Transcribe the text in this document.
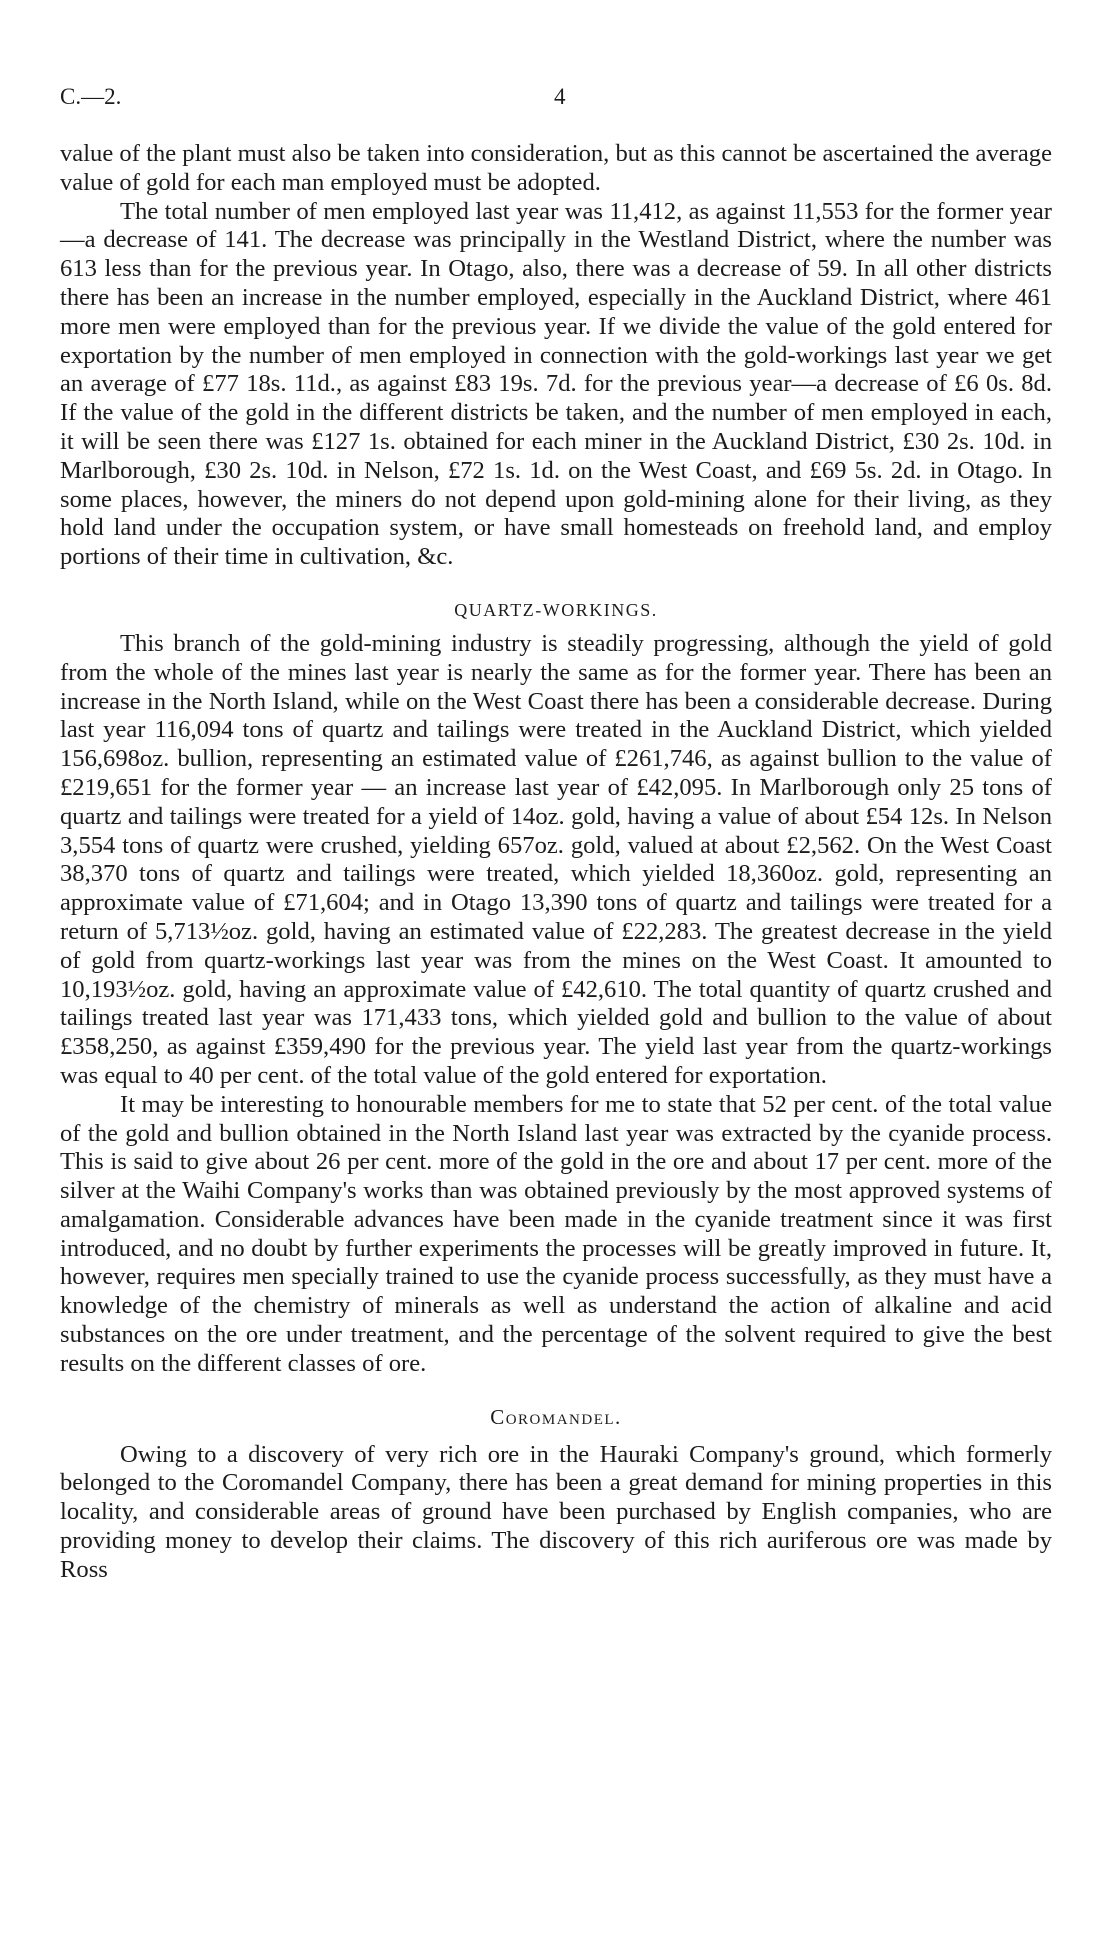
C.—2.	4

value of the plant must also be taken into consideration, but as this cannot be ascertained the average value of gold for each man employed must be adopted.

The total number of men employed last year was 11,412, as against 11,553 for the former year—a decrease of 141. The decrease was principally in the Westland District, where the number was 613 less than for the previous year. In Otago, also, there was a decrease of 59. In all other districts there has been an increase in the number employed, especially in the Auckland District, where 461 more men were employed than for the previous year. If we divide the value of the gold entered for exportation by the number of men employed in connection with the gold-workings last year we get an average of £77 18s. 11d., as against £83 19s. 7d. for the previous year—a decrease of £6 0s. 8d. If the value of the gold in the different districts be taken, and the number of men employed in each, it will be seen there was £127 1s. obtained for each miner in the Auckland District, £30 2s. 10d. in Marlborough, £30 2s. 10d. in Nelson, £72 1s. 1d. on the West Coast, and £69 5s. 2d. in Otago. In some places, however, the miners do not depend upon gold-mining alone for their living, as they hold land under the occupation system, or have small homesteads on freehold land, and employ portions of their time in cultivation, &c.

QUARTZ-WORKINGS.

This branch of the gold-mining industry is steadily progressing, although the yield of gold from the whole of the mines last year is nearly the same as for the former year. There has been an increase in the North Island, while on the West Coast there has been a considerable decrease. During last year 116,094 tons of quartz and tailings were treated in the Auckland District, which yielded 156,698oz. bullion, representing an estimated value of £261,746, as against bullion to the value of £219,651 for the former year — an increase last year of £42,095. In Marlborough only 25 tons of quartz and tailings were treated for a yield of 14oz. gold, having a value of about £54 12s. In Nelson 3,554 tons of quartz were crushed, yielding 657oz. gold, valued at about £2,562. On the West Coast 38,370 tons of quartz and tailings were treated, which yielded 18,360oz. gold, representing an approximate value of £71,604; and in Otago 13,390 tons of quartz and tailings were treated for a return of 5,713½oz. gold, having an estimated value of £22,283. The greatest decrease in the yield of gold from quartz-workings last year was from the mines on the West Coast. It amounted to 10,193½oz. gold, having an approximate value of £42,610. The total quantity of quartz crushed and tailings treated last year was 171,433 tons, which yielded gold and bullion to the value of about £358,250, as against £359,490 for the previous year. The yield last year from the quartz-workings was equal to 40 per cent. of the total value of the gold entered for exportation.

It may be interesting to honourable members for me to state that 52 per cent. of the total value of the gold and bullion obtained in the North Island last year was extracted by the cyanide process. This is said to give about 26 per cent. more of the gold in the ore and about 17 per cent. more of the silver at the Waihi Company's works than was obtained previously by the most approved systems of amalgamation. Considerable advances have been made in the cyanide treatment since it was first introduced, and no doubt by further experiments the processes will be greatly improved in future. It, however, requires men specially trained to use the cyanide process successfully, as they must have a knowledge of the chemistry of minerals as well as understand the action of alkaline and acid substances on the ore under treatment, and the percentage of the solvent required to give the best results on the different classes of ore.

Coromandel.

Owing to a discovery of very rich ore in the Hauraki Company's ground, which formerly belonged to the Coromandel Company, there has been a great demand for mining properties in this locality, and considerable areas of ground have been purchased by English companies, who are providing money to develop their claims. The discovery of this rich auriferous ore was made by Ross
